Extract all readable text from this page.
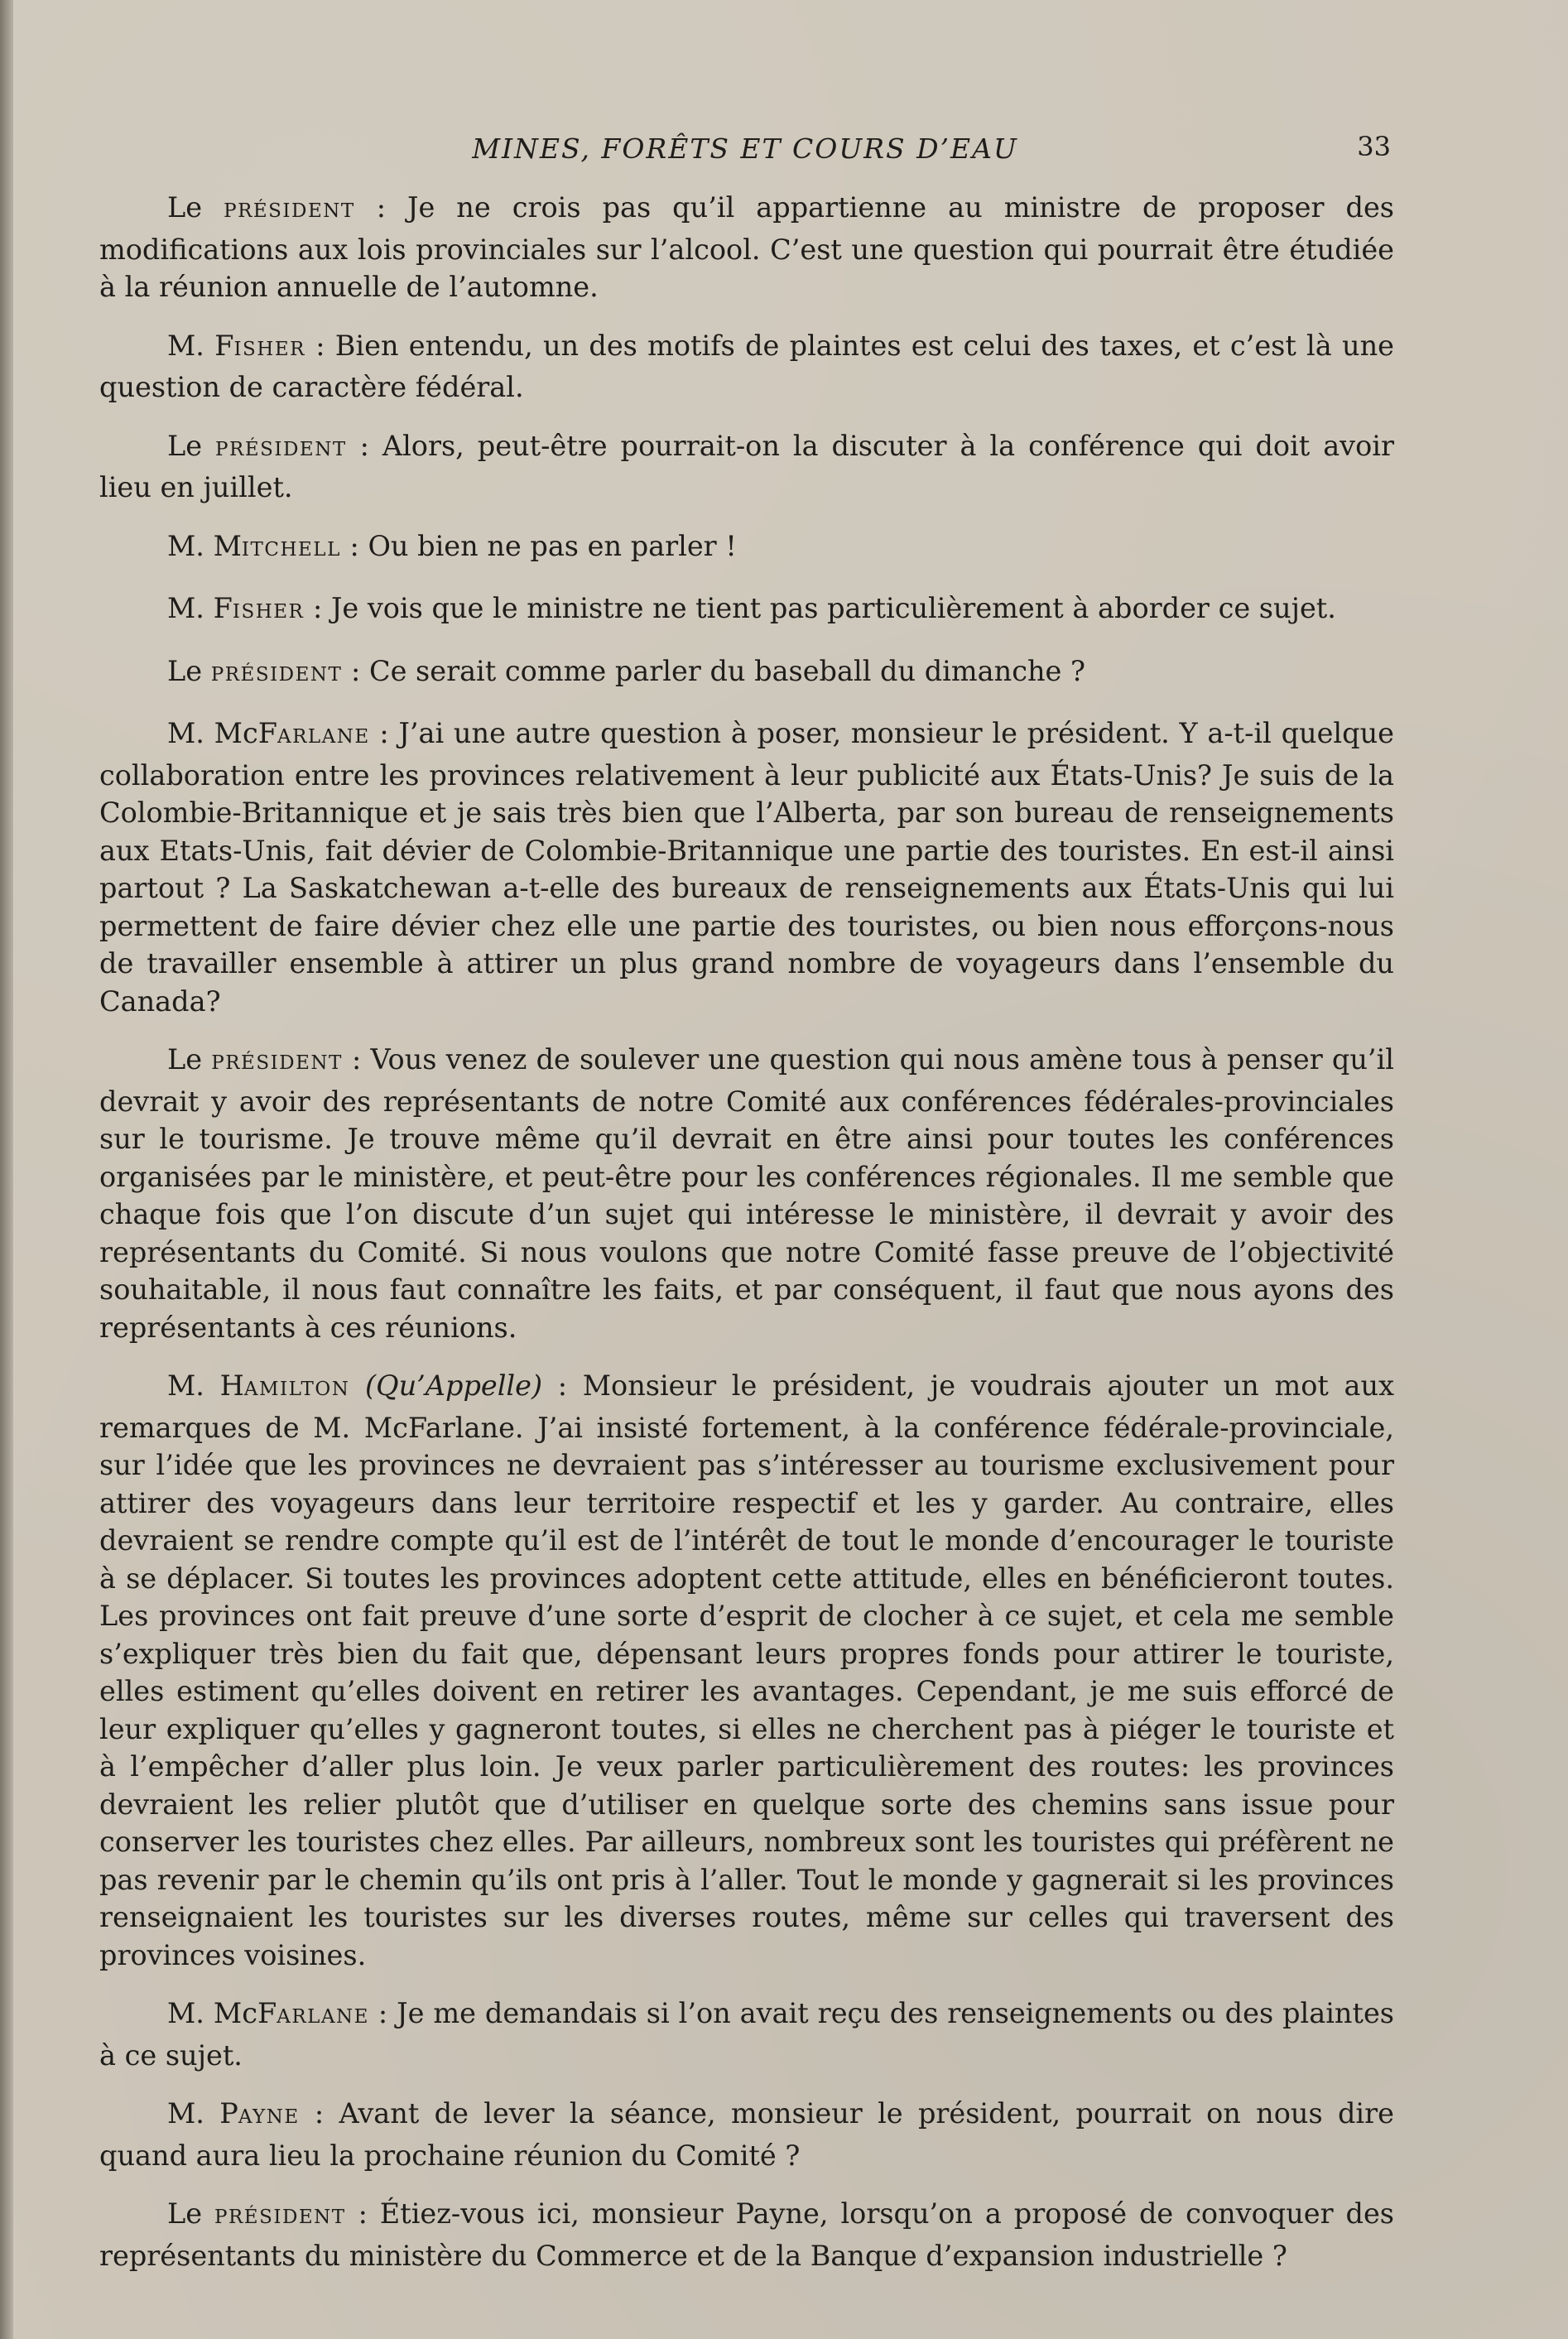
MINES, FORÊTS ET COURS D’EAU	33

Le PRÉSIDENT : Je ne crois pas qu’il appartienne au ministre de proposer des modifications aux lois provinciales sur l’alcool. C’est une question qui pourrait être étudiée à la réunion annuelle de l’automne.

M. FISHER : Bien entendu, un des motifs de plaintes est celui des taxes, et c’est là une question de caractère fédéral.

Le PRÉSIDENT : Alors, peut-être pourrait-on la discuter à la conférence qui doit avoir lieu en juillet.

M. MITCHELL : Ou bien ne pas en parler !

M. FISHER : Je vois que le ministre ne tient pas particulièrement à aborder ce sujet.

Le PRÉSIDENT : Ce serait comme parler du baseball du dimanche ?

M. McFARLANE : J’ai une autre question à poser, monsieur le président. Y a-t-il quelque collaboration entre les provinces relativement à leur publicité aux États-Unis? Je suis de la Colombie-Britannique et je sais très bien que l’Alberta, par son bureau de renseignements aux Etats-Unis, fait dévier de Colombie-Britannique une partie des touristes. En est-il ainsi partout ? La Saskatchewan a-t-elle des bureaux de renseignements aux États-Unis qui lui permettent de faire dévier chez elle une partie des touristes, ou bien nous efforçons-nous de travailler ensemble à attirer un plus grand nombre de voyageurs dans l’ensemble du Canada?

Le PRÉSIDENT : Vous venez de soulever une question qui nous amène tous à penser qu’il devrait y avoir des représentants de notre Comité aux conférences fédérales-provinciales sur le tourisme. Je trouve même qu’il devrait en être ainsi pour toutes les conférences organisées par le ministère, et peut-être pour les conférences régionales. Il me semble que chaque fois que l’on discute d’un sujet qui intéresse le ministère, il devrait y avoir des représentants du Comité. Si nous voulons que notre Comité fasse preuve de l’objectivité souhaitable, il nous faut connaître les faits, et par conséquent, il faut que nous ayons des représentants à ces réunions.

M. HAMILTON (Qu’Appelle) : Monsieur le président, je voudrais ajouter un mot aux remarques de M. McFarlane. J’ai insisté fortement, à la conférence fédérale-provinciale, sur l’idée que les provinces ne devraient pas s’intéresser au tourisme exclusivement pour attirer des voyageurs dans leur territoire respectif et les y garder. Au contraire, elles devraient se rendre compte qu’il est de l’intérêt de tout le monde d’encourager le touriste à se déplacer. Si toutes les provinces adoptent cette attitude, elles en bénéficieront toutes. Les provinces ont fait preuve d’une sorte d’esprit de clocher à ce sujet, et cela me semble s’expliquer très bien du fait que, dépensant leurs propres fonds pour attirer le touriste, elles estiment qu’elles doivent en retirer les avantages. Cependant, je me suis efforcé de leur expliquer qu’elles y gagneront toutes, si elles ne cherchent pas à piéger le touriste et à l’empêcher d’aller plus loin. Je veux parler particulièrement des routes: les provinces devraient les relier plutôt que d’utiliser en quelque sorte des chemins sans issue pour conserver les touristes chez elles. Par ailleurs, nombreux sont les touristes qui préfèrent ne pas revenir par le chemin qu’ils ont pris à l’aller. Tout le monde y gagnerait si les provinces renseignaient les touristes sur les diverses routes, même sur celles qui traversent des provinces voisines.

M. McFARLANE : Je me demandais si l’on avait reçu des renseignements ou des plaintes à ce sujet.

M. PAYNE : Avant de lever la séance, monsieur le président, pourrait on nous dire quand aura lieu la prochaine réunion du Comité ?

Le PRÉSIDENT : Étiez-vous ici, monsieur Payne, lorsqu’on a proposé de convoquer des représentants du ministère du Commerce et de la Banque d’expansion industrielle ?
